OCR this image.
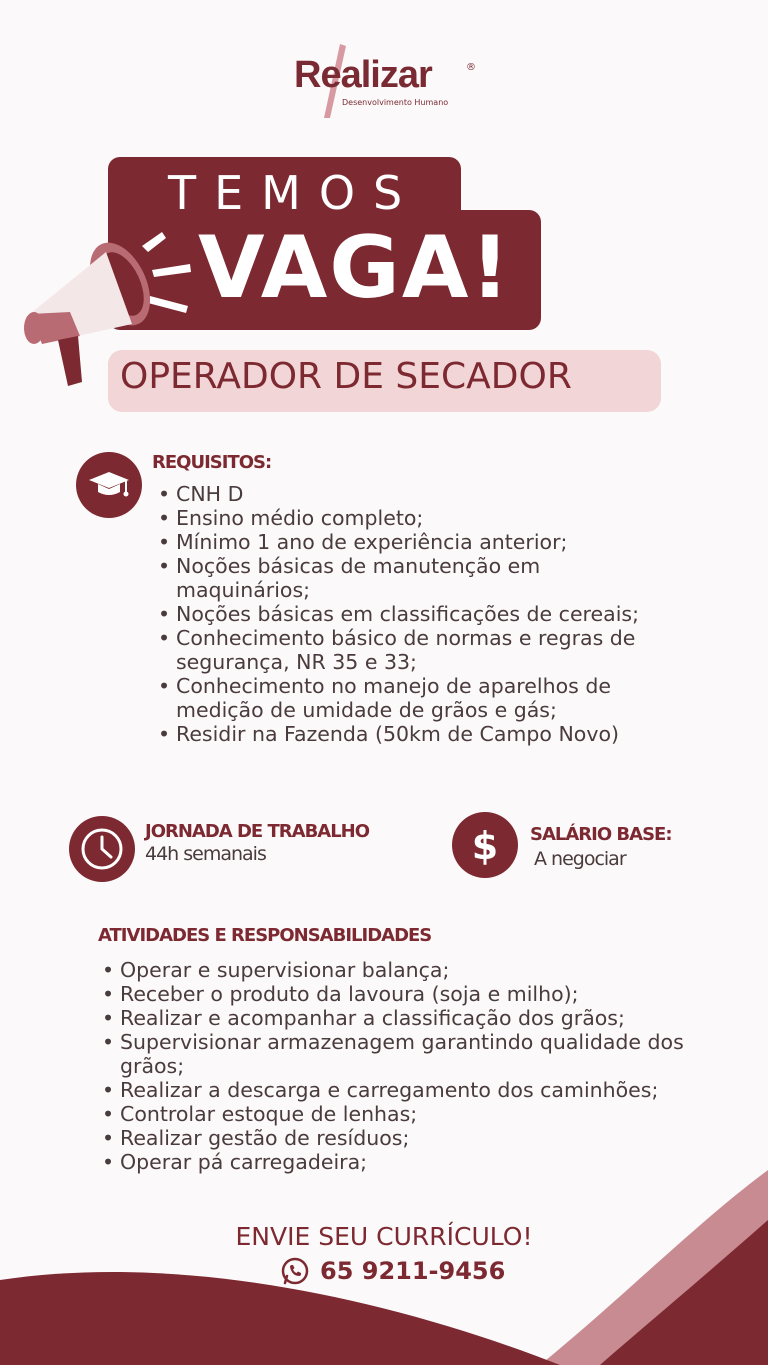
Realizar	®
Desenvolvimento Humano
TEMOS
VAGA!
OPERADOR DE SECADOR
REQUISITOS:
• CNH D
• Ensino médio completo;
• Mínimo 1 ano de experiência anterior;
• Noções básicas de manutenção em maquinários;
• Noções básicas em classificações de cereais;
• Conhecimento básico de normas e regras de segurança, NR 35 e 33;
• Conhecimento no manejo de aparelhos de medição de umidade de grãos e gás;
• Residir na Fazenda (50km de Campo Novo)
JORNADA DE TRABALHO
44h semanais	$ SALÁRIO BASE:
A negociar
ATIVIDADES E RESPONSABILIDADES
• Operar e supervisionar balança;
• Receber o produto da lavoura (soja e milho);
• Realizar e acompanhar a classificação dos grãos;
• Supervisionar armazenagem garantindo qualidade dos grãos;
• Realizar a descarga e carregamento dos caminhões;
• Controlar estoque de lenhas;
• Realizar gestão de resíduos;
• Operar pá carregadeira;
ENVIE SEU CURRÍCULO!
65 9211-9456
